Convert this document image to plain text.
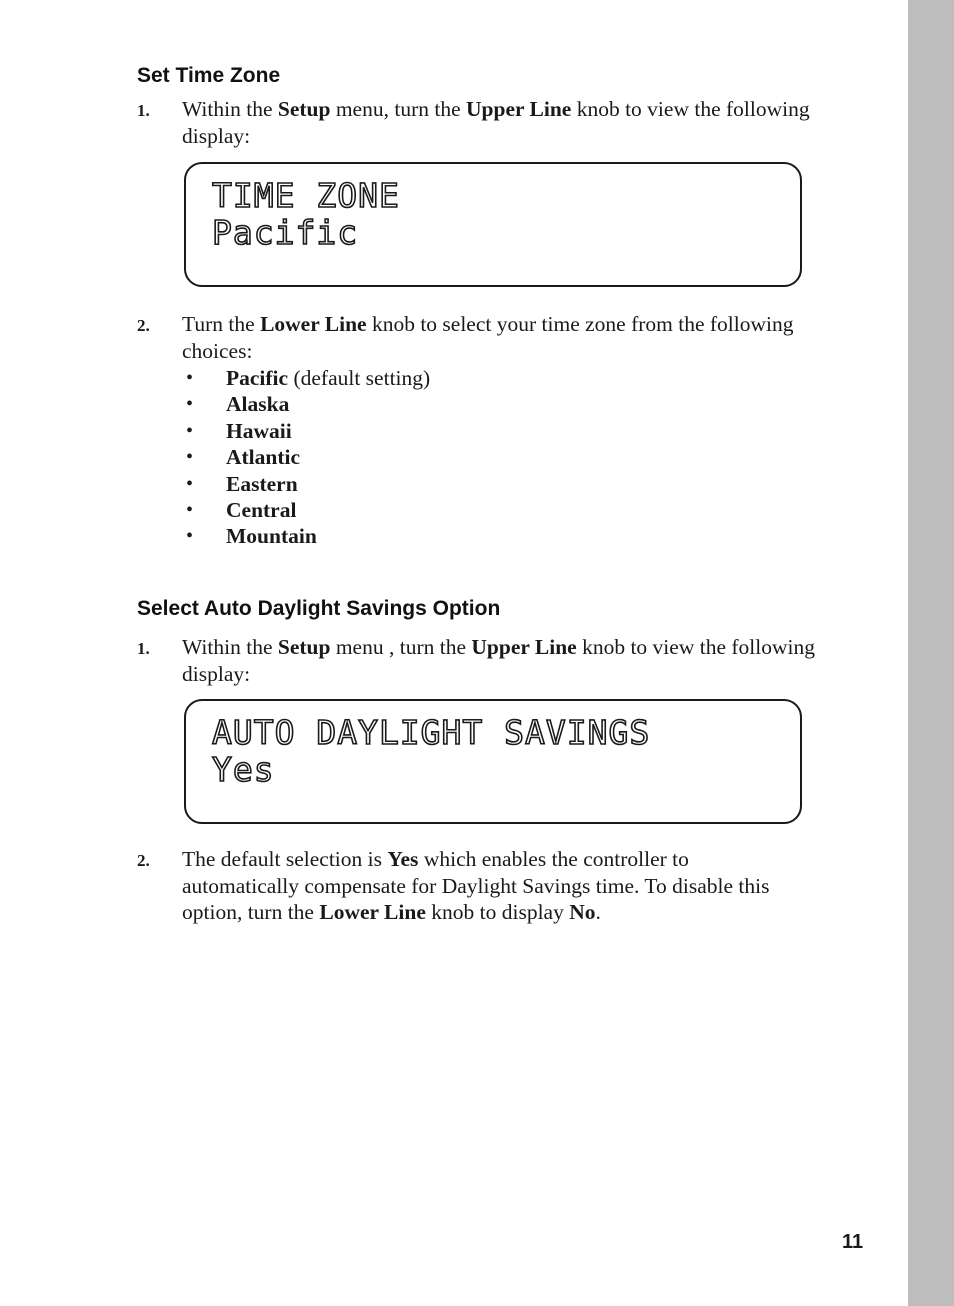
Set Time Zone
1. Within the Setup menu, turn the Upper Line knob to view the following display:
TIME ZONE
Pacific
2. Turn the Lower Line knob to select your time zone from the following choices:
• Pacific (default setting)
• Alaska
• Hawaii
• Atlantic
• Eastern
• Central
• Mountain
Select Auto Daylight Savings Option
1. Within the Setup menu , turn the Upper Line knob to view the following display:
AUTO DAYLIGHT SAVINGS
Yes
2. The default selection is Yes which enables the controller to automatically compensate for Daylight Savings time. To disable this option, turn the Lower Line knob to display No.
11
